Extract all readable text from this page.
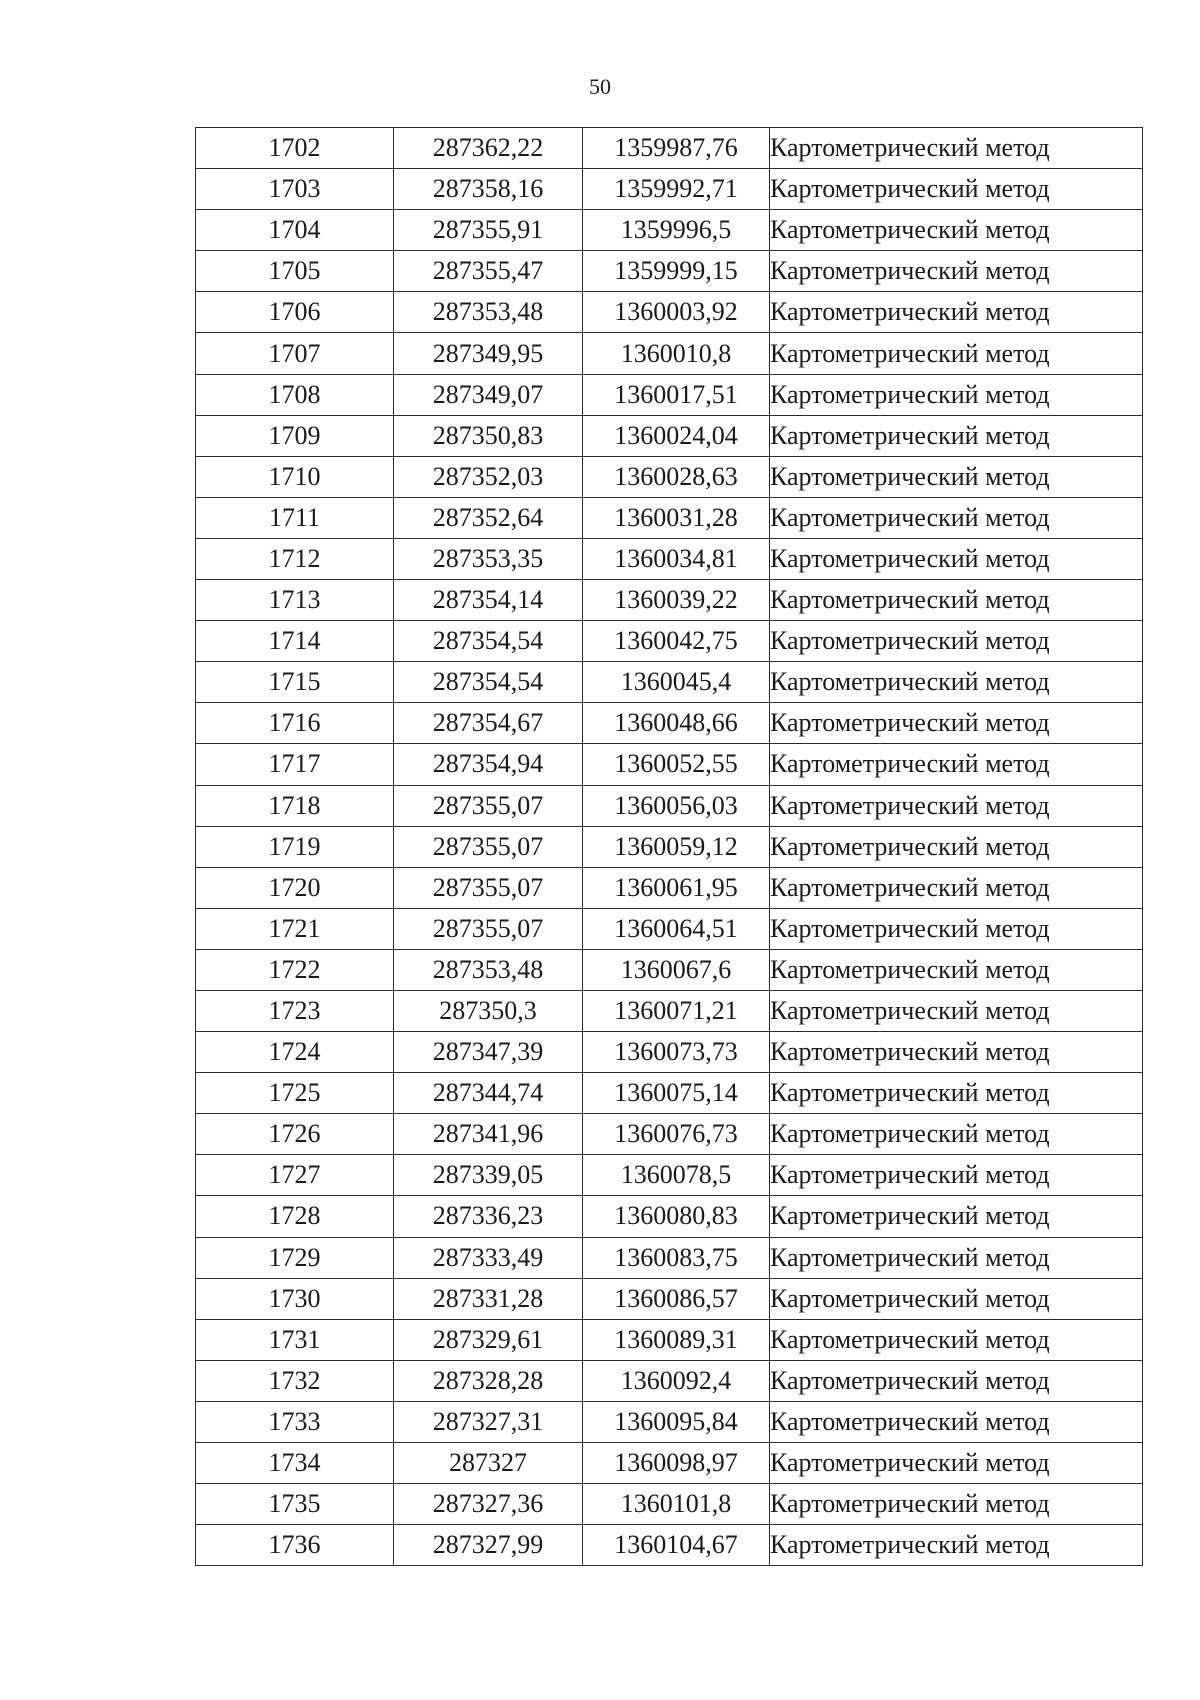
50
1702	287362,22	1359987,76	Картометрический метод
1703	287358,16	1359992,71	Картометрический метод
1704	287355,91	1359996,5	Картометрический метод
1705	287355,47	1359999,15	Картометрический метод
1706	287353,48	1360003,92	Картометрический метод
1707	287349,95	1360010,8	Картометрический метод
1708	287349,07	1360017,51	Картометрический метод
1709	287350,83	1360024,04	Картометрический метод
1710	287352,03	1360028,63	Картометрический метод
1711	287352,64	1360031,28	Картометрический метод
1712	287353,35	1360034,81	Картометрический метод
1713	287354,14	1360039,22	Картометрический метод
1714	287354,54	1360042,75	Картометрический метод
1715	287354,54	1360045,4	Картометрический метод
1716	287354,67	1360048,66	Картометрический метод
1717	287354,94	1360052,55	Картометрический метод
1718	287355,07	1360056,03	Картометрический метод
1719	287355,07	1360059,12	Картометрический метод
1720	287355,07	1360061,95	Картометрический метод
1721	287355,07	1360064,51	Картометрический метод
1722	287353,48	1360067,6	Картометрический метод
1723	287350,3	1360071,21	Картометрический метод
1724	287347,39	1360073,73	Картометрический метод
1725	287344,74	1360075,14	Картометрический метод
1726	287341,96	1360076,73	Картометрический метод
1727	287339,05	1360078,5	Картометрический метод
1728	287336,23	1360080,83	Картометрический метод
1729	287333,49	1360083,75	Картометрический метод
1730	287331,28	1360086,57	Картометрический метод
1731	287329,61	1360089,31	Картометрический метод
1732	287328,28	1360092,4	Картометрический метод
1733	287327,31	1360095,84	Картометрический метод
1734	287327	1360098,97	Картометрический метод
1735	287327,36	1360101,8	Картометрический метод
1736	287327,99	1360104,67	Картометрический метод
